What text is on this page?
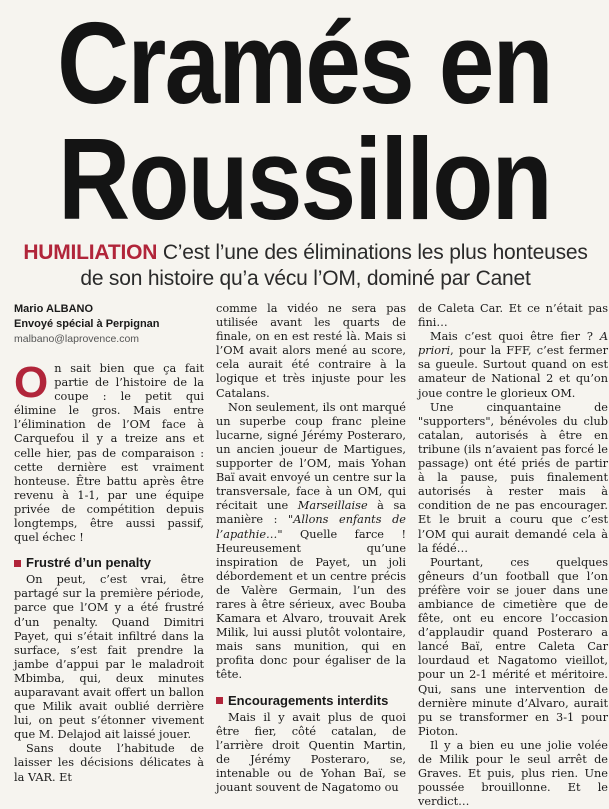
Cramés en
Roussillon

HUMILIATION C’est l’une des éliminations les plus honteuses de son histoire qu’a vécu l’OM, dominé par Canet

Mario ALBANO
Envoyé spécial à Perpignan
malbano@laprovence.com

On sait bien que ça fait partie de l’histoire de la coupe : le petit qui élimine le gros. Mais entre l’élimination de l’OM face à Carquefou il y a treize ans et celle hier, pas de comparaison : cette dernière est vraiment honteuse. Être battu après être revenu à 1-1, par une équipe privée de compétition depuis longtemps, être aussi passif, quel échec !

Frustré d’un penalty

On peut, c’est vrai, être partagé sur la première période, parce que l’OM y a été frustré d’un penalty. Quand Dimitri Payet, qui s’était infiltré dans la surface, s’est fait prendre la jambe d’appui par le maladroit Mbimba, qui, deux minutes auparavant avait offert un ballon que Milik avait oublié derrière lui, on peut s’étonner vivement que M. Delajod ait laissé jouer.

Sans doute l’habitude de laisser les décisions délicates à la VAR. Et

comme la vidéo ne sera pas utilisée avant les quarts de finale, on en est resté là. Mais si l’OM avait alors mené au score, cela aurait été contraire à la logique et très injuste pour les Catalans.

Non seulement, ils ont marqué un superbe coup franc pleine lucarne, signé Jérémy Posteraro, un ancien joueur de Martigues, supporter de l’OM, mais Yohan Baï avait envoyé un centre sur la transversale, face à un OM, qui récitait une Marseillaise à sa manière : "Allons enfants de l’apathie…" Quelle farce ! Heureusement qu’une inspiration de Payet, un joli débordement et un centre précis de Valère Germain, l’un des rares à être sérieux, avec Bouba Kamara et Alvaro, trouvait Arek Milik, lui aussi plutôt volontaire, mais sans munition, qui en profita donc pour égaliser de la tête.

Encouragements interdits

Mais il y avait plus de quoi être fier, côté catalan, de l’arrière droit Quentin Martin, de Jérémy Posteraro, se, intenable ou de Yohan Baï, se jouant souvent de Nagatomo ou

de Caleta Car. Et ce n’était pas fini…

Mais c’est quoi être fier ? A priori, pour la FFF, c’est fermer sa gueule. Surtout quand on est amateur de National 2 et qu’on joue contre le glorieux OM.

Une cinquantaine de "supporters", bénévoles du club catalan, autorisés à être en tribune (ils n’avaient pas forcé le passage) ont été priés de partir à la pause, puis finalement autorisés à rester mais à condition de ne pas encourager. Et le bruit a couru que c’est l’OM qui aurait demandé cela à la fédé…

Pourtant, ces quelques gêneurs d’un football que l’on préfère voir se jouer dans une ambiance de cimetière que de fête, ont eu encore l’occasion d’applaudir quand Posteraro a lancé Baï, entre Caleta Car lourdaud et Nagatomo vieillot, pour un 2-1 mérité et méritoire. Qui, sans une intervention de dernière minute d’Alvaro, aurait pu se transformer en 3-1 pour Pioton.

Il y a bien eu une jolie volée de Milik pour le seul arrêt de Graves. Et puis, plus rien. Une poussée brouillonne. Et le verdict…
